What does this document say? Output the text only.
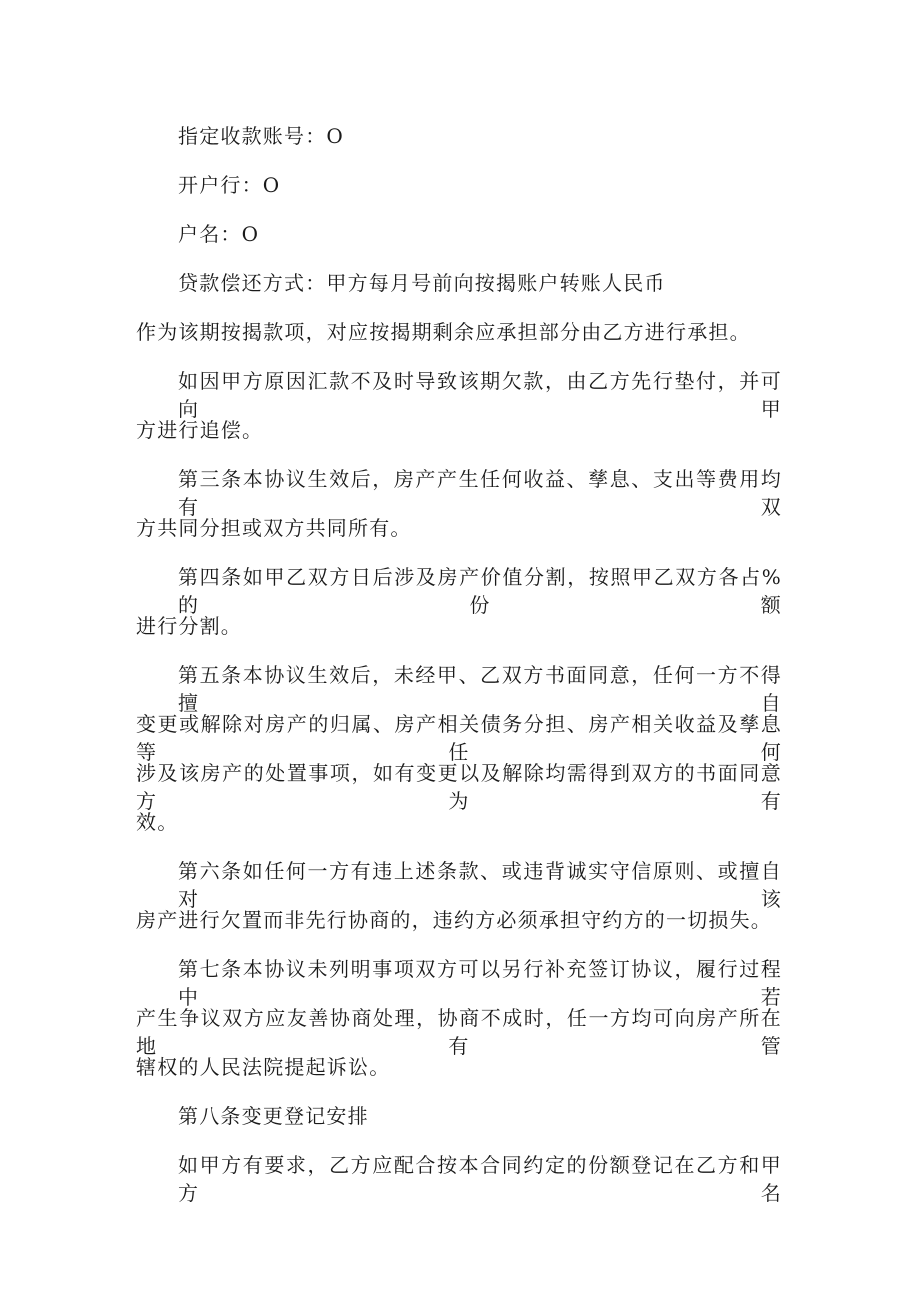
指定收款账号：O
开户行：O
户名：O
贷款偿还方式：甲方每月号前向按揭账户转账人民币
作为该期按揭款项，对应按揭期剩余应承担部分由乙方进行承担。
如因甲方原因汇款不及时导致该期欠款，由乙方先行垫付，并可向甲
方进行追偿。
第三条本协议生效后，房产产生任何收益、孳息、支出等费用均有双
方共同分担或双方共同所有。
第四条如甲乙双方日后涉及房产价值分割，按照甲乙双方各占%的份额
进行分割。
第五条本协议生效后，未经甲、乙双方书面同意，任何一方不得擅自
变更或解除对房产的归属、房产相关债务分担、房产相关收益及孳息等任何
涉及该房产的处置事项，如有变更以及解除均需得到双方的书面同意方为有
效。
第六条如任何一方有违上述条款、或违背诚实守信原则、或擅自对该
房产进行欠置而非先行协商的，违约方必须承担守约方的一切损失。
第七条本协议未列明事项双方可以另行补充签订协议，履行过程中若
产生争议双方应友善协商处理，协商不成时，任一方均可向房产所在地有管
辖权的人民法院提起诉讼。
第八条变更登记安排
如甲方有要求，乙方应配合按本合同约定的份额登记在乙方和甲方名
